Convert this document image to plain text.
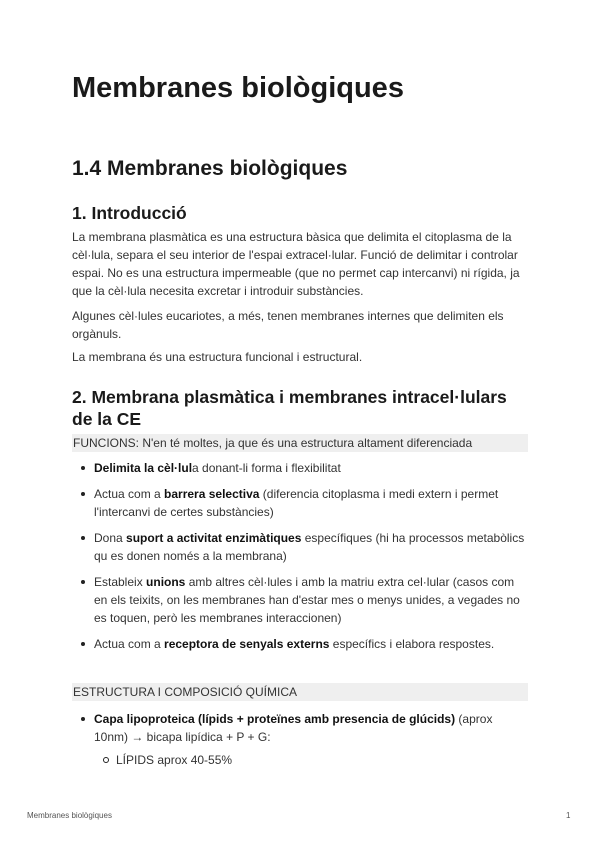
Membranes biològiques
1.4 Membranes biològiques
1. Introducció

La membrana plasmàtica es una estructura bàsica que delimita el citoplasma de la cèl·lula, separa el seu interior de l'espai extracel·lular. Funció de delimitar i controlar espai. No es una estructura impermeable (que no permet cap intercanvi) ni rígida, ja que la cèl·lula necesita excretar i introduir substàncies.

Algunes cèl·lules eucariotes, a més, tenen membranes internes que delimiten els orgànuls.

La membrana és una estructura funcional i estructural.

2. Membrana plasmàtica i membranes intracel·lulars de la CE
FUNCIONS: N'en té moltes, ja que és una estructura altament diferenciada
Delimita la cèl·lula donant-li forma i flexibilitat
Actua com a barrera selectiva (diferencia citoplasma i medi extern i permet l'intercanvi de certes substàncies)
Dona suport a activitat enzimàtiques específiques (hi ha processos metabòlics qu es donen només a la membrana)
Estableix unions amb altres cèl·lules i amb la matriu extra cel·lular (casos com en els teixits, on les membranes han d'estar mes o menys unides, a vegades no es toquen, però les membranes interaccionen)
Actua com a receptora de senyals externs específics i elabora respostes.
ESTRUCTURA I COMPOSICIÓ QUÍMICA
Capa lipoproteica (lípids + proteïnes amb presencia de glúcids) (aprox 10nm) → bicapa lipídica + P + G:
LÍPIDS aprox 40-55%
Membranes biològiques	1
